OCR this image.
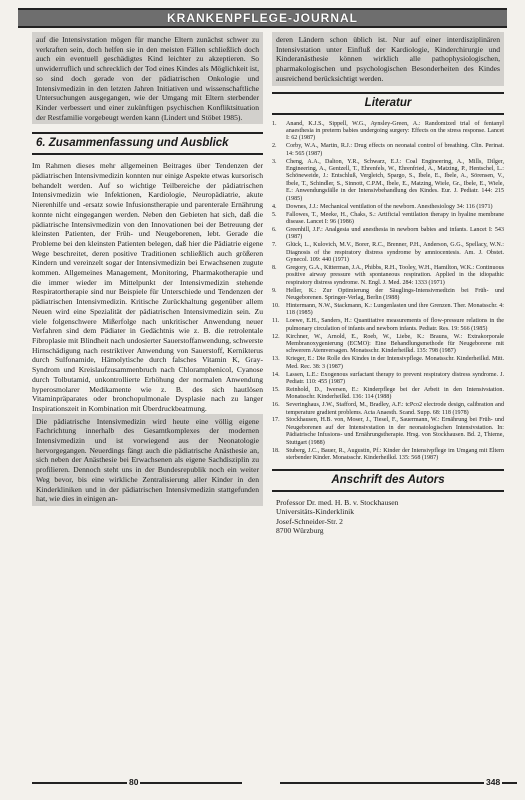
KRANKENPFLEGE-JOURNAL

auf die Intensivstation mögen für manche Eltern zunächst schwer zu verkraften sein, doch helfen sie in den meisten Fällen schließlich doch auch ein eventuell geschädigtes Kind leichter zu akzeptieren. So unwiderruflich und schrecklich der Tod eines Kindes als Möglichkeit ist, so sind doch gerade von der pädiatrischen Onkologie und Intensivmedizin in den letzten Jahren Initiativen und wissenschaftliche Untersuchungen ausgegangen, wie der Umgang mit Eltern sterbender Kinder verbessert und einer zukünftigen psychischen Konfliktsituation der Restfamilie vorgebeugt werden kann (Lindert und Stöbet 1985).

6. Zusammenfassung und Ausblick

Im Rahmen dieses mehr allgemeinen Beitrages über Tendenzen der pädiatrischen Intensivmedizin konnten nur einige Aspekte etwas kursorisch behandelt werden. Auf so wichtige Teilbereiche der pädiatrischen Intensivmedizin wie Infektionen, Kardiologie, Neuropädiatrie, akute Nierenhilfe und -ersatz sowie Infusionstherapie und parenterale Ernährung konnte nicht eingegangen werden. Neben den Gebieten hat sich, daß die pädiatrische Intensivmedizin von den Innovationen bei der Betreuung der kleinsten Patienten, der Früh- und Neugeborenen, lebt. Gerade die Probleme bei den kleinsten Patienten belegen, daß hier die Pädiatrie eigene Wege beschreitet, deren positive Traditionen schließlich auch größeren Kindern und vereinzelt sogar der Intensivmedizin bei Erwachsenen zugute kommen. Allgemeines Management, Monitoring, Pharmakotherapie und die immer wieder im Mittelpunkt der Intensivmedizin stehende Respiratortherapie sind nur Beispiele für Unterschiede und Tendenzen der pädiatrischen Intensivmedizin. Kritische Zurückhaltung gegenüber allem Neuen wird eine Spezialität der pädiatrischen Intensivmedizin sein. Zu viele folgenschwere Mißerfolge nach unkritischer Anwendung neuer Verfahren sind dem Pädiater in Gedächtnis wie z. B. die retrolentale Fibroplasie mit Blindheit nach undosierter Sauerstoffanwendung, schwerste Hirnschädigung nach restriktiver Anwendung von Sauerstoff, Kernikterus durch Sulfonamide, Hämolytische durch falsches Vitamin K, Gray-Syndrom und Kreislaufzusammenbruch nach Chloramphenicol, Cyanose durch Tolbutamid, unkontrollierte Erhöhung der normalen Anwendung hyperosmolarer Medikamente wie z. B. des sich hautlösen Vitaminpräparates oder bronchopulmonale Dysplasie nach zu langer Inspirationszeit in Kombination mit Überdruckbeatmung.

Die pädiatrische Intensivmedizin wird heute eine völlig eigene Fachrichtung innerhalb des Gesamtkomplexes der modernen Intensivmedizin und ist vorwiegend aus der Neonatologie hervorgegangen. Neuerdings fängt auch die pädiatrische Anästhesie an, sich neben der Anästhesie bei Erwachsenen als eigene Sachdisziplin zu profilieren. Dennoch steht uns in der Bundesrepublik noch ein weiter Weg bevor, bis eine wirkliche Zentralisierung aller Kinder in den Kinderkliniken und in der pädiatrischen Intensivmedizin stattgefunden hat, wie dies in einigen an-

deren Ländern schon üblich ist. Nur auf einer interdisziplinären Intensivstation unter Einfluß der Kardiologie, Kinderchirurgie und Kinderanästhesie können wirklich alle pathophysiologischen, pharmakologischen und psychologischen Besonderheiten des Kindes ausreichend berücksichtigt werden.

Literatur
1.	Anand, K.J.S., Sippell, W.G., Aynsley-Green, A.: Randomized trial of fentanyl anaesthesia in preterm babies undergoing surgery: Effects on the stress response. Lancet I: 62 (1987)
2.	Corby, W.A., Martin, R.J.: Drug effects on neonatal control of breathing. Clin. Perinat. 14: 565 (1987)
3.	Cheng, A.A., Dalton, Y.R., Schwarz, E.J.: Coal Engineering, A., Mills, Dilger, Engineering, A., Gentzell, T., Ehrenfels, W., Ehrenfried, A., Matzing, P., Hentschel, L.: Schöneweide, J.: Entschluß, Vergleich, Spargo, S., Ibele, E., Ibele, A., Sörensen, V., Ibele, T., Schindler, S., Sinnott, C.P.M., Ibele, E., Matzing, Wiele, Gr., Ibele, E., Wiele, E.: Anwendungsfälle in der Intensivbehandlung des Kindes. Eur. J. Pediatr. 144: 215 (1985)
4.	Downes, J.J.: Mechanical ventilation of the newborn. Anesthesiology 34: 116 (1971)
5.	Fallowes, T., Meeke, H., Chaks, S.: Artificial ventilation therapy in hyaline membrane disease. Lancet I: 96 (1986)
6.	Greenhill, J.F.: Analgesia und anesthesia in newborn babies and infants. Lancet I: 543 (1987)
7.	Glück, L., Kulovich, M.V., Borer, R.C., Brenner, P.H., Anderson, G.G., Spellacy, W.N.: Diagnosis of the respiratory distress syndrome by amniocentesis. Am. J. Obstet. Gynecol. 109: 440 (1971)
8.	Gregory, G.A., Kitterman, J.A., Phibbs, R.H., Tooley, W.H., Hamilton, W.K.: Continuous positive airway pressure with spontaneous respiration. Applied in the idiopathic respiratory distress syndrome. N. Engl. J. Med. 284: 1333 (1971)
9.	Heller, K.: Zur Optimierung der Säuglings-Intensivmedizin bei Früh- und Neugeborenen. Springer-Verlag, Berlin (1988)
10.	Hintermann, N.W., Stackmann, K.: Lungenlasten und ihre Grenzen. Ther. Monatsschr. 4: 118 (1985)
11.	Loewe, E.H., Sanders, H.: Quantitative measurements of flow-pressure relations in the pulmonary circulation of infants and newborn infants. Pediatr. Res. 19: 566 (1985)
12.	Kirchner, W., Arnold, E., Roeb, W., Liebe, K.: Brauns, W.: Extrakorporale Membranoxygenierung (ECMO): Eine Behandlungsmethode für Neugeborene mit schwerem Atemversagen. Monatsschr. Kinderheilkd. 135: 798 (1987)
13.	Krieger, E.: Die Rolle des Kindes in der Intensivpflege. Monatsschr. Kinderheilkd. Mitt. Med. Rec. 38: 3 (1987)
14.	Lassen, L.E.: Exogenous surfactant therapy to prevent respiratory distress syndrome. J. Pediatr. 110: 455 (1987)
15.	Reinhold, D., Iwersen, E.: Kinderpflege bei der Arbeit in den Intensivstation. Monatsschr. Kinderheilkd. 136: 114 (1988)
16.	Severinghaus, J.W., Stafford, M., Bradley, A.F.: tcPco2 electrode design, calibration and temperature gradient problems. Acta Anaesth. Scand. Supp. 68: 118 (1978)
17.	Stockhausen, H.B. von, Moser, J., Tiesel, F., Sauermann, W.: Ernährung bei Früh- und Neugeborenen auf der Intensivstation in der neonatologischen Intensivstation. In: Pädiatrische Infusions- und Ernährungstherapie. Hrsg. von Stockhausen. Bd. 2, Thieme, Stuttgart (1988)
18.	Stuberg, J.C., Bauer, R., Augustin, Pf.: Kinder der Intensivpflege im Umgang mit Eltern sterbender Kinder. Monatsschr. Kinderheilkd. 135: 568 (1987)
Anschrift des Autors
Professor Dr. med. H. B. v. Stockhausen
Universitäts-Kinderklinik
Josef-Schneider-Str. 2
8700 Würzburg
80	348
